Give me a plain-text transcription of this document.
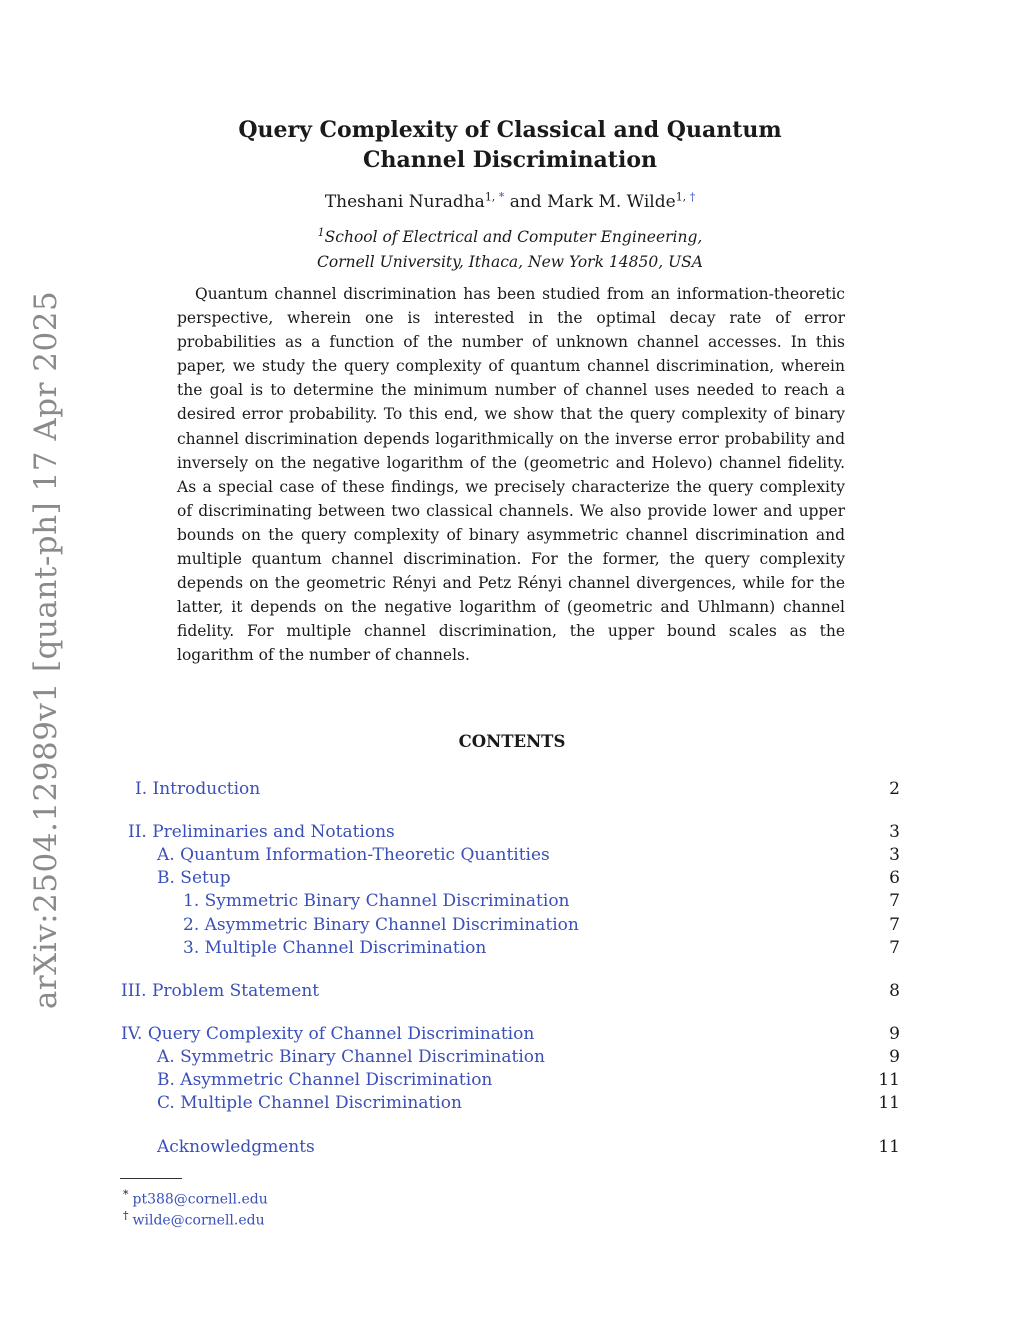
arXiv:2504.12989v1 [quant-ph] 17 Apr 2025
Query Complexity of Classical and Quantum
Channel Discrimination
Theshani Nuradha$^{1, *}$ and Mark M. Wilde$^{1, \dagger}$
$^1$School of Electrical and Computer Engineering,
Cornell University, Ithaca, New York 14850, USA
Quantum channel discrimination has been studied from an information-theoretic perspective, wherein one is interested in the optimal decay rate of error probabilities as a function of the number of unknown channel accesses. In this paper, we study the query complexity of quantum channel discrimination, wherein the goal is to determine the minimum number of channel uses needed to reach a desired error probability. To this end, we show that the query complexity of binary channel discrimination depends logarithmically on the inverse error probability and inversely on the negative logarithm of the (geometric and Holevo) channel fidelity. As a special case of these findings, we precisely characterize the query complexity of discriminating between two classical channels. We also provide lower and upper bounds on the query complexity of binary asymmetric channel discrimination and multiple quantum channel discrimination. For the former, the query complexity depends on the geometric Rényi and Petz Rényi channel divergences, while for the latter, it depends on the negative logarithm of (geometric and Uhlmann) channel fidelity. For multiple channel discrimination, the upper bound scales as the logarithm of the number of channels.
CONTENTS
I. Introduction	2
II. Preliminaries and Notations	3
A. Quantum Information-Theoretic Quantities	3
B. Setup	6
1. Symmetric Binary Channel Discrimination	7
2. Asymmetric Binary Channel Discrimination	7
3. Multiple Channel Discrimination	7
III. Problem Statement	8
IV. Query Complexity of Channel Discrimination	9
A. Symmetric Binary Channel Discrimination	9
B. Asymmetric Channel Discrimination	11
C. Multiple Channel Discrimination	11
Acknowledgments	11
* pt388@cornell.edu
† wilde@cornell.edu
